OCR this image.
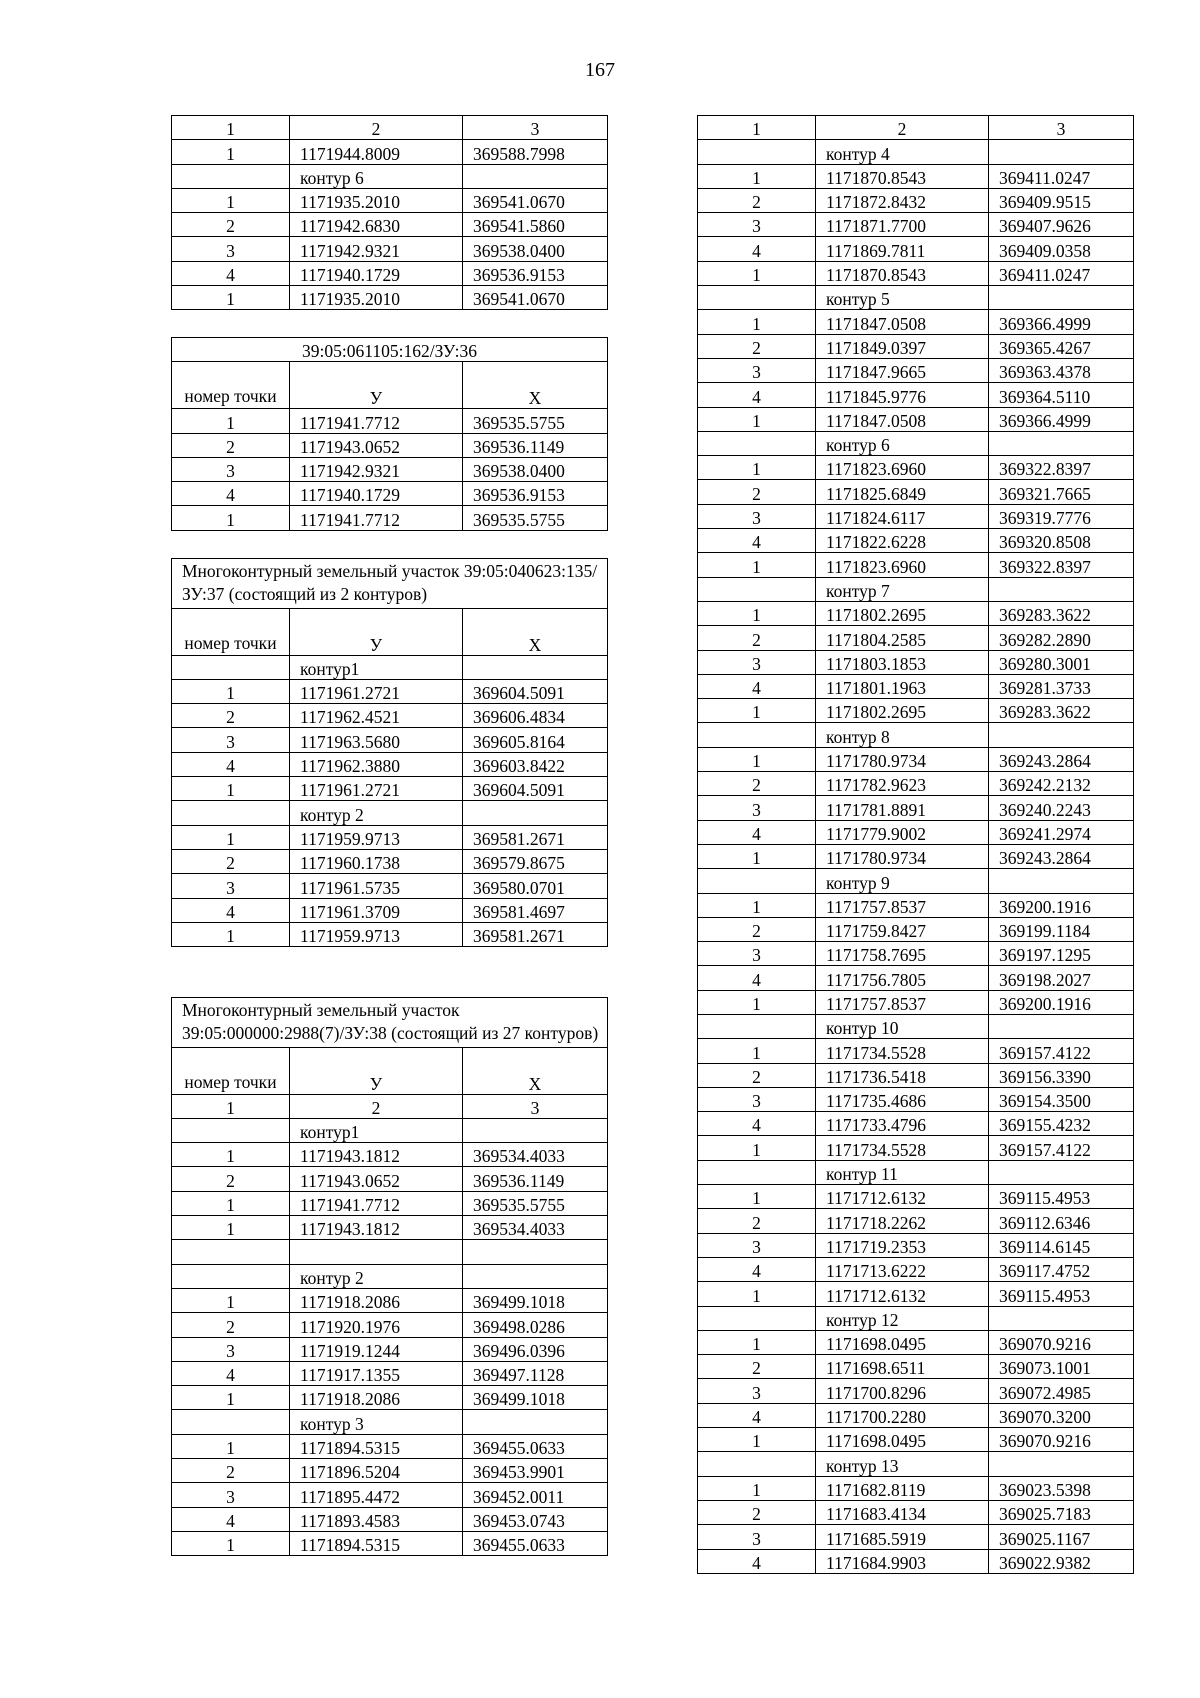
167
1	2	3
1	1171944.8009	369588.7998
	контур 6	
1	1171935.2010	369541.0670
2	1171942.6830	369541.5860
3	1171942.9321	369538.0400
4	1171940.1729	369536.9153
1	1171935.2010	369541.0670
39:05:061105:162/ЗУ:36		
номер точки	У	Х
1	1171941.7712	369535.5755
2	1171943.0652	369536.1149
3	1171942.9321	369538.0400
4	1171940.1729	369536.9153
1	1171941.7712	369535.5755
Многоконтурный земельный участок 39:05:040623:135/ЗУ:37 (состоящий из 2 контуров)		
номер точки	У	Х
	контур1	
1	1171961.2721	369604.5091
2	1171962.4521	369606.4834
3	1171963.5680	369605.8164
4	1171962.3880	369603.8422
1	1171961.2721	369604.5091
	контур 2	
1	1171959.9713	369581.2671
2	1171960.1738	369579.8675
3	1171961.5735	369580.0701
4	1171961.3709	369581.4697
1	1171959.9713	369581.2671
Многоконтурный земельный участок 39:05:000000:2988(7)/ЗУ:38 (состоящий из 27 контуров)		
номер точки	У	Х
1	2	3
	контур1	
1	1171943.1812	369534.4033
2	1171943.0652	369536.1149
1	1171941.7712	369535.5755
1	1171943.1812	369534.4033

	контур 2	
1	1171918.2086	369499.1018
2	1171920.1976	369498.0286
3	1171919.1244	369496.0396
4	1171917.1355	369497.1128
1	1171918.2086	369499.1018
	контур 3	
1	1171894.5315	369455.0633
2	1171896.5204	369453.9901
3	1171895.4472	369452.0011
4	1171893.4583	369453.0743
1	1171894.5315	369455.0633
1	2	3
	контур 4	
1	1171870.8543	369411.0247
2	1171872.8432	369409.9515
3	1171871.7700	369407.9626
4	1171869.7811	369409.0358
1	1171870.8543	369411.0247
	контур 5	
1	1171847.0508	369366.4999
2	1171849.0397	369365.4267
3	1171847.9665	369363.4378
4	1171845.9776	369364.5110
1	1171847.0508	369366.4999
	контур 6	
1	1171823.6960	369322.8397
2	1171825.6849	369321.7665
3	1171824.6117	369319.7776
4	1171822.6228	369320.8508
1	1171823.6960	369322.8397
	контур 7	
1	1171802.2695	369283.3622
2	1171804.2585	369282.2890
3	1171803.1853	369280.3001
4	1171801.1963	369281.3733
1	1171802.2695	369283.3622
	контур 8	
1	1171780.9734	369243.2864
2	1171782.9623	369242.2132
3	1171781.8891	369240.2243
4	1171779.9002	369241.2974
1	1171780.9734	369243.2864
	контур 9	
1	1171757.8537	369200.1916
2	1171759.8427	369199.1184
3	1171758.7695	369197.1295
4	1171756.7805	369198.2027
1	1171757.8537	369200.1916
	контур 10	
1	1171734.5528	369157.4122
2	1171736.5418	369156.3390
3	1171735.4686	369154.3500
4	1171733.4796	369155.4232
1	1171734.5528	369157.4122
	контур 11	
1	1171712.6132	369115.4953
2	1171718.2262	369112.6346
3	1171719.2353	369114.6145
4	1171713.6222	369117.4752
1	1171712.6132	369115.4953
	контур 12	
1	1171698.0495	369070.9216
2	1171698.6511	369073.1001
3	1171700.8296	369072.4985
4	1171700.2280	369070.3200
1	1171698.0495	369070.9216
	контур 13	
1	1171682.8119	369023.5398
2	1171683.4134	369025.7183
3	1171685.5919	369025.1167
4	1171684.9903	369022.9382
